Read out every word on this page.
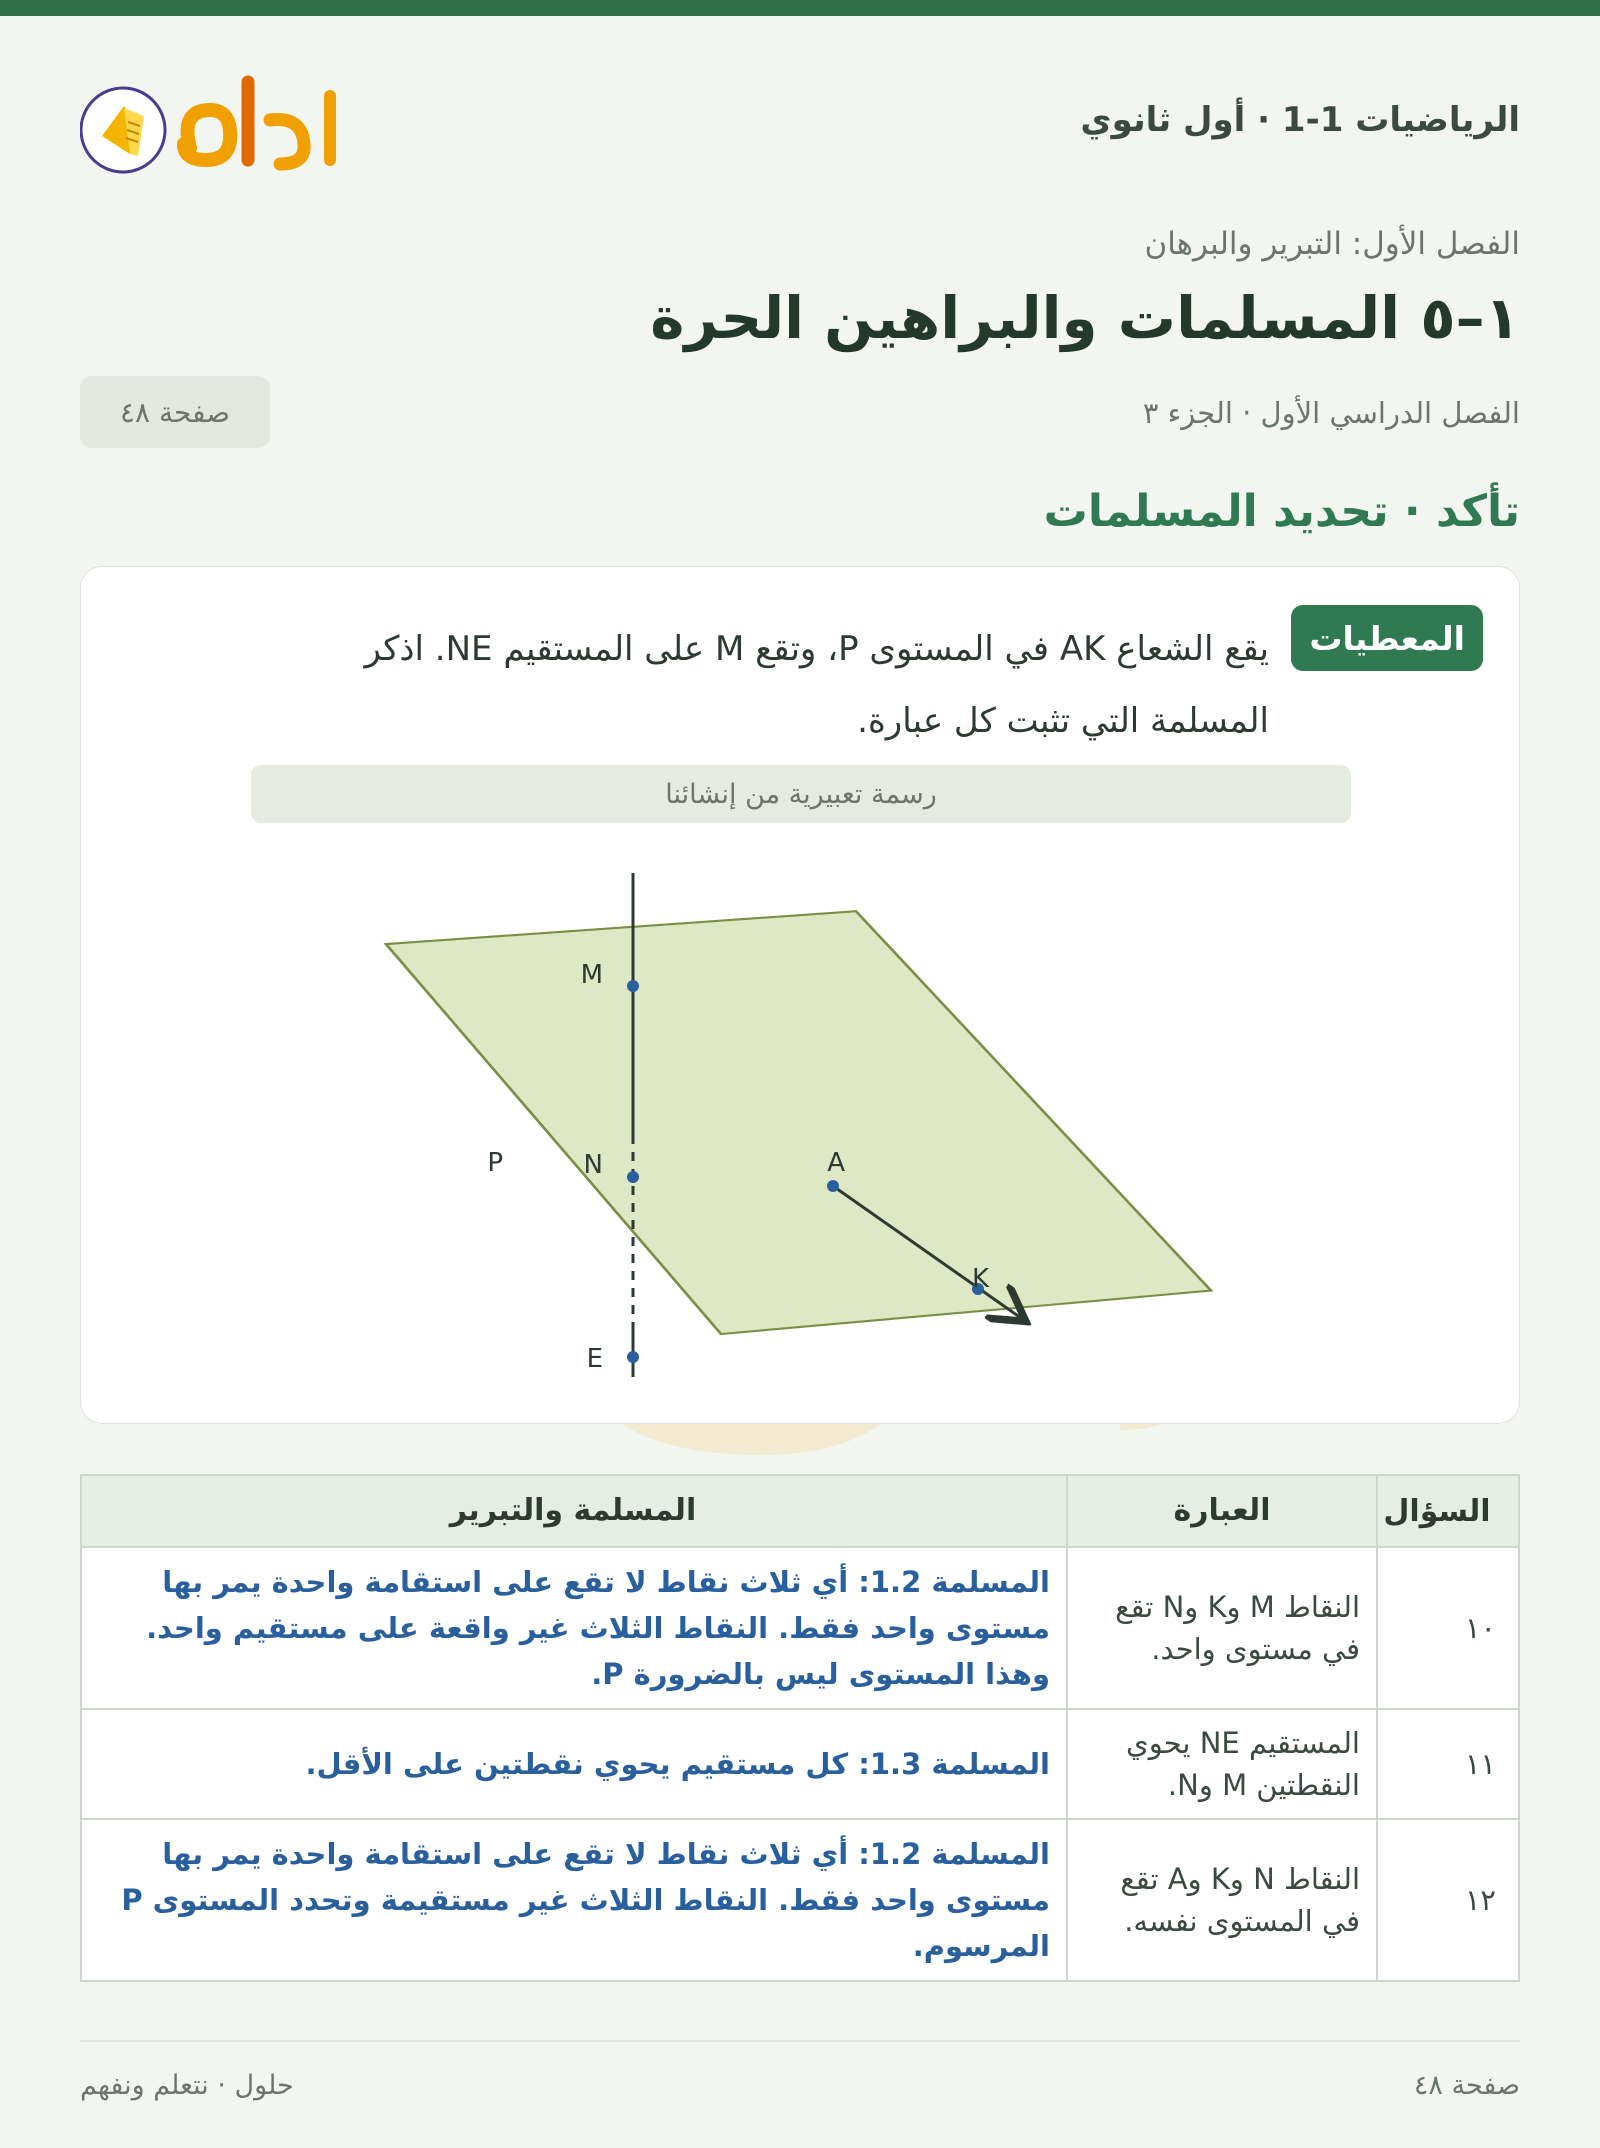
الرياضيات 1-1 · أول ثانوي
الفصل الأول: التبرير والبرهان
١–٥ المسلمات والبراهين الحرة
الفصل الدراسي الأول · الجزء ٣
صفحة ٤٨
تأكد · تحديد المسلمات
المعطيات
يقع الشعاع AK في المستوى P، وتقع M على المستقيم NE. اذكر المسلمة التي تثبت كل عبارة.
رسمة تعبيرية من إنشائنا
M
N
E
A
K
P
السؤال	العبارة	المسلمة والتبرير
١٠	النقاط M وK وN تقع في مستوى واحد.	المسلمة 1.2: أي ثلاث نقاط لا تقع على استقامة واحدة يمر بها مستوى واحد فقط. النقاط الثلاث غير واقعة على مستقيم واحد. وهذا المستوى ليس بالضرورة P.
١١	المستقيم NE يحوي النقطتين M وN.	المسلمة 1.3: كل مستقيم يحوي نقطتين على الأقل.
١٢	النقاط N وK وA تقع في المستوى نفسه.	المسلمة 1.2: أي ثلاث نقاط لا تقع على استقامة واحدة يمر بها مستوى واحد فقط. النقاط الثلاث غير مستقيمة وتحدد المستوى P المرسوم.
صفحة ٤٨
حلول · نتعلم ونفهم
